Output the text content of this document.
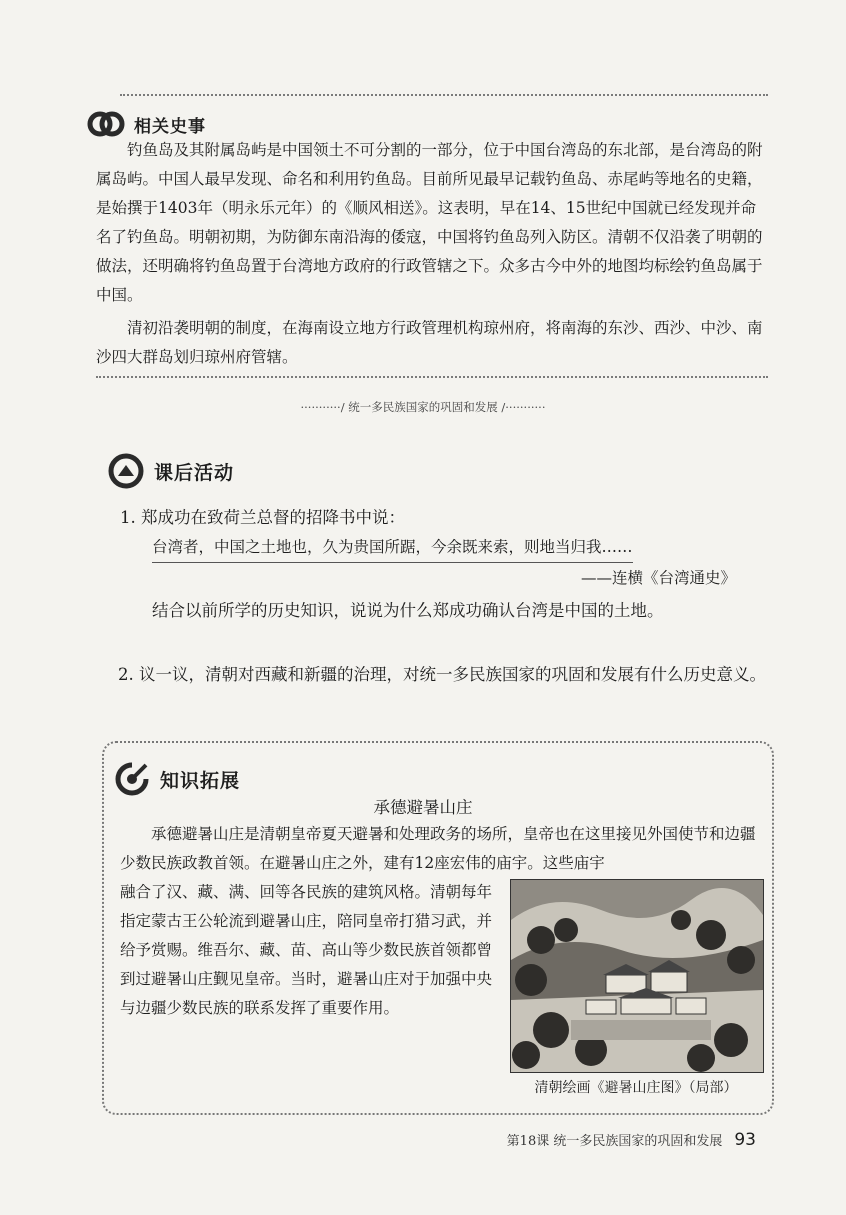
相关史事

钓鱼岛及其附属岛屿是中国领土不可分割的一部分，位于中国台湾岛的东北部，是台湾岛的附属岛屿。中国人最早发现、命名和利用钓鱼岛。目前所见最早记载钓鱼岛、赤尾屿等地名的史籍，是始撰于1403年（明永乐元年）的《顺风相送》。这表明，早在14、15世纪中国就已经发现并命名了钓鱼岛。明朝初期，为防御东南沿海的倭寇，中国将钓鱼岛列入防区。清朝不仅沿袭了明朝的做法，还明确将钓鱼岛置于台湾地方政府的行政管辖之下。众多古今中外的地图均标绘钓鱼岛属于中国。

清初沿袭明朝的制度，在海南设立地方行政管理机构琼州府，将南海的东沙、西沙、中沙、南沙四大群岛划归琼州府管辖。

···········/ 统一多民族国家的巩固和发展 /···········
课后活动
1. 郑成功在致荷兰总督的招降书中说：
台湾者，中国之土地也，久为贵国所踞，今余既来索，则地当归我……
——连横《台湾通史》
结合以前所学的历史知识，说说为什么郑成功确认台湾是中国的土地。
2. 议一议，清朝对西藏和新疆的治理，对统一多民族国家的巩固和发展有什么历史意义。
知识拓展
承德避暑山庄

承德避暑山庄是清朝皇帝夏天避暑和处理政务的场所，皇帝也在这里接见外国使节和边疆少数民族政教首领。在避暑山庄之外，建有12座宏伟的庙宇。这些庙宇

融合了汉、藏、满、回等各民族的建筑风格。清朝每年指定蒙古王公轮流到避暑山庄，陪同皇帝打猎习武，并给予赏赐。维吾尔、藏、苗、高山等少数民族首领都曾到过避暑山庄觐见皇帝。当时，避暑山庄对于加强中央与边疆少数民族的联系发挥了重要作用。

清朝绘画《避暑山庄图》（局部）
第18课 统一多民族国家的巩固和发展 93
